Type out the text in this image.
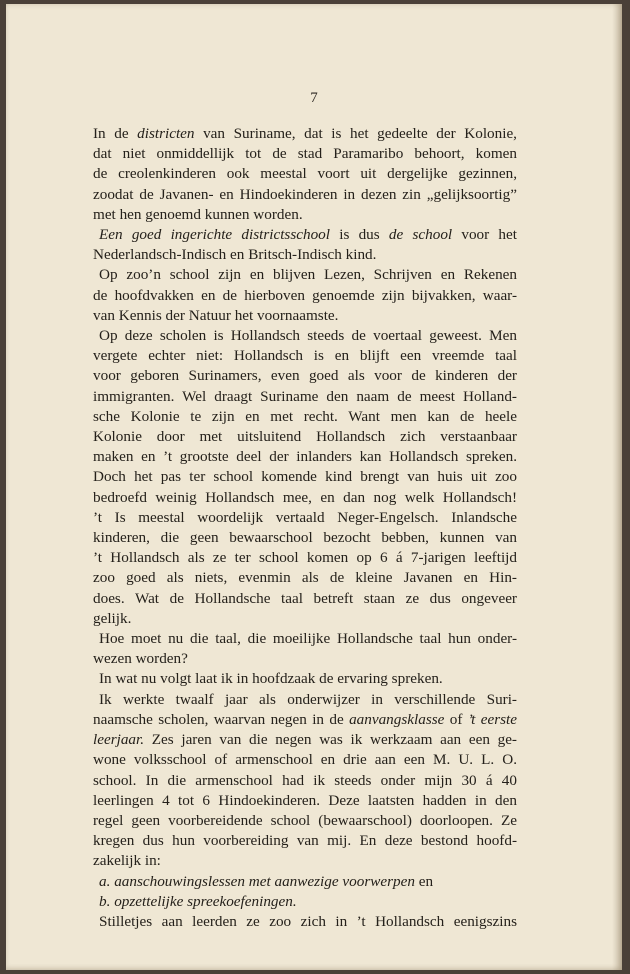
7
In de districten van Suriname, dat is het gedeelte der Kolonie,
dat niet onmiddellijk tot de stad Paramaribo behoort, komen
de creolenkinderen ook meestal voort uit dergelijke gezinnen,
zoodat de Javanen- en Hindoekinderen in dezen zin „gelijksoortig”
met hen genoemd kunnen worden.
Een goed ingerichte districtsschool is dus de school voor het
Nederlandsch-Indisch en Britsch-Indisch kind.
Op zoo’n school zijn en blijven Lezen, Schrijven en Rekenen
de hoofdvakken en de hierboven genoemde zijn bijvakken, waar-
van Kennis der Natuur het voornaamste.
Op deze scholen is Hollandsch steeds de voertaal geweest. Men
vergete echter niet: Hollandsch is en blijft een vreemde taal
voor geboren Surinamers, even goed als voor de kinderen der
immigranten. Wel draagt Suriname den naam de meest Holland-
sche Kolonie te zijn en met recht. Want men kan de heele
Kolonie door met uitsluitend Hollandsch zich verstaanbaar
maken en ’t grootste deel der inlanders kan Hollandsch spreken.
Doch het pas ter school komende kind brengt van huis uit zoo
bedroefd weinig Hollandsch mee, en dan nog welk Hollandsch!
’t Is meestal woordelijk vertaald Neger-Engelsch. Inlandsche
kinderen, die geen bewaarschool bezocht bebben, kunnen van
’t Hollandsch als ze ter school komen op 6 á 7-jarigen leeftijd
zoo goed als niets, evenmin als de kleine Javanen en Hin-
does. Wat de Hollandsche taal betreft staan ze dus ongeveer
gelijk.
Hoe moet nu die taal, die moeilijke Hollandsche taal hun onder-
wezen worden?
In wat nu volgt laat ik in hoofdzaak de ervaring spreken.
Ik werkte twaalf jaar als onderwijzer in verschillende Suri-
naamsche scholen, waarvan negen in de aanvangsklasse of ’t eerste
leerjaar. Zes jaren van die negen was ik werkzaam aan een ge-
wone volksschool of armenschool en drie aan een M. U. L. O.
school. In die armenschool had ik steeds onder mijn 30 á 40
leerlingen 4 tot 6 Hindoekinderen. Deze laatsten hadden in den
regel geen voorbereidende school (bewaarschool) doorloopen. Ze
kregen dus hun voorbereiding van mij. En deze bestond hoofd-
zakelijk in:
a. aanschouwingslessen met aanwezige voorwerpen en
b. opzettelijke spreekoefeningen.
Stilletjes aan leerden ze zoo zich in ’t Hollandsch eenigszins
